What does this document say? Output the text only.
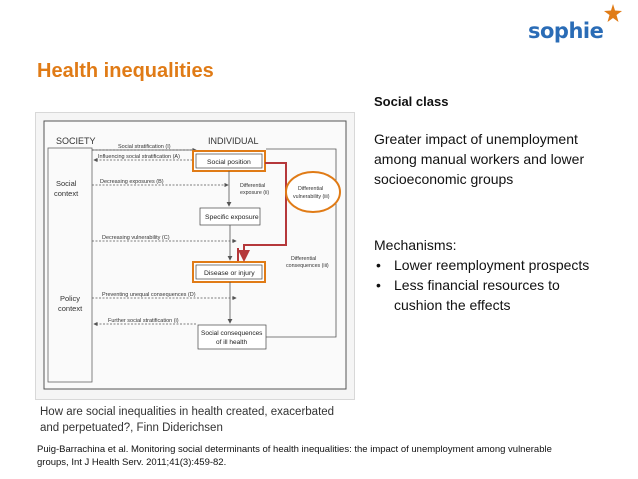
sophie
Health inequalities
SOCIETY	INDIVIDUAL
Social
context
Policy
context
Social stratification (I)
Influencing social stratification (A)
Decreasing exposures (B)
Decreasing vulnerability (C)
Preventing unequal consequences (D)
Further social stratification (i)
Differential
exposure (ii)
Differential
consequences (iii)
Social position
Specific exposure
Disease or injury
Social consequences
of ill health
Differential
vulnerability (iii)
How are social inequalities in health created, exacerbated
and perpetuated?, Finn Diderichsen
Puig-Barrachina et al. Monitoring social determinants of health inequalities: the impact of unemployment among vulnerable
groups, Int J Health Serv. 2011;41(3):459-82.
Social class
Greater impact of unemployment
among manual workers and lower
socioeconomic groups
Mechanisms:
• Lower reemployment prospects
• Less financial resources to
cushion the effects
